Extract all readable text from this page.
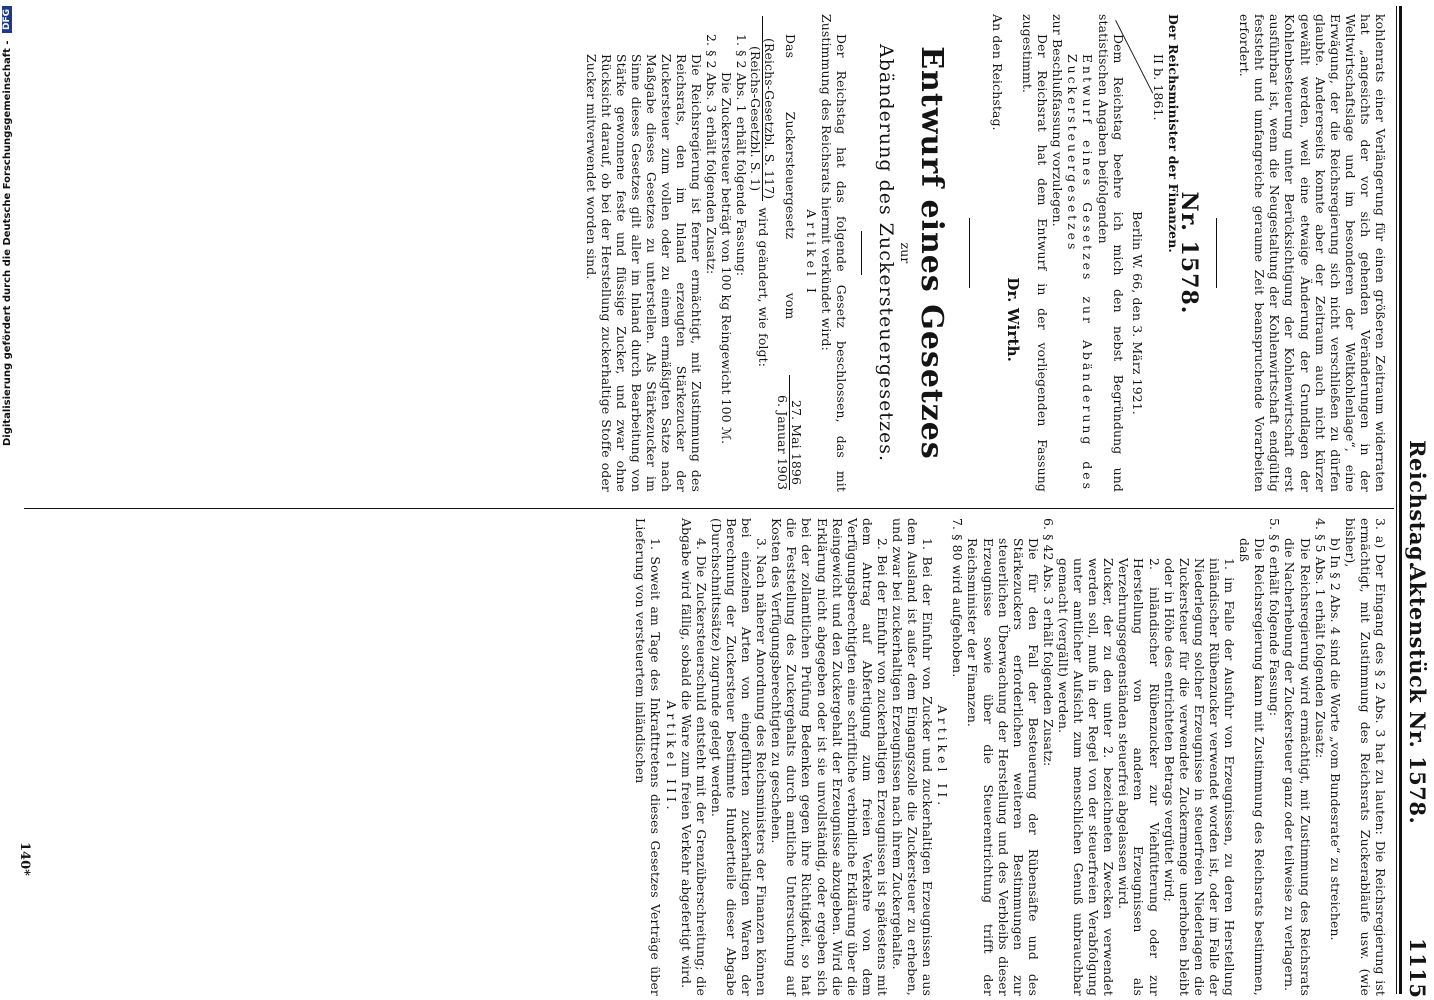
Reichstag.
Aktenstück Nr. 1578.
1115

kohlenrats einer Verlängerung für einen größeren Zeitraum widerraten hat „angesichts der vor sich gehenden Veränderungen in der Weltwirtschaftslage und im besonderen der Weltkohlenlage“, eine Erwägung, der die Reichsregierung sich nicht verschließen zu dürfen glaubte. Andererseits konnte aber der Zeitraum auch nicht kürzer gewählt werden, weil eine etwaige Änderung der Grundlagen der Kohlenbesteuerung unter Berücksichtigung der Kohlenwirtschaft erst ausführbar ist, wenn die Neugestaltung der Kohlenwirtschaft endgültig feststeht und umfangreiche geraume Zeit beanspruchende Vorarbeiten erfordert.

Nr. 1578.

Der Reichsminister der Finanzen.

II b. 1861.

Berlin W. 66, den 3. März 1921.

Dem Reichstag beehre ich mich den nebst Begründung und statistischen Angaben beifolgenden

Entwurf eines Gesetzes zur Abänderung des Zuckersteuergesetzes

zur Beschlußfassung vorzulegen.

Der Reichsrat hat dem Entwurf in der vorliegenden Fassung zugestimmt.

Dr. Wirth.

An den Reichstag.

Entwurf eines Gesetzes

zur

Abänderung des Zuckersteuergesetzes.

Der Reichstag hat das folgende Gesetz beschlossen, das mit Zustimmung des Reichsrats hiermit verkündet wird:

Artikel I

Das Zuckersteuergesetz vom
27. Mai 1896
6. Januar 1903

(Reichs-Gesetzbl. S. 117)
(Reichs-Gesetzbl. S. 1)
wird geändert, wie folgt:

1. § 2 Abs. 1 erhält folgende Fassung:

Die Zuckersteuer beträgt von 100 kg Reingewicht 100 ℳ.

2. § 2 Abs. 3 erhält folgenden Zusatz:

Die Reichsregierung ist ferner ermächtigt, mit Zustimmung des Reichsrats, den im Inland erzeugten Stärkezucker der Zuckersteuer zum vollen oder zu einem ermäßigten Satze nach Maßgabe dieses Gesetzes zu unterstellen. Als Stärkezucker im Sinne dieses Gesetzes gilt aller im Inland durch Bearbeitung von Stärke gewonnene feste und flüssige Zucker, und zwar ohne Rücksicht darauf, ob bei der Herstellung zuckerhaltige Stoffe oder Zucker mitverwendet worden sind.

3. a) Der Eingang des § 2 Abs. 3 hat zu lauten: Die Reichsregierung ist ermächtigt, mit Zustimmung des Reichsrats Zuckerabläufe usw. (wie bisher),

b) In § 2 Abs. 4 sind die Worte „vom Bundesrate“ zu streichen.

4. § 5 Abs. 1 erhält folgenden Zusatz:

Die Reichsregierung wird ermächtigt, mit Zustimmung des Reichsrats die Nacherhebung der Zuckersteuer ganz oder teilweise zu verlagern.

5. § 6 erhält folgende Fassung:

Die Reichsregierung kann mit Zustimmung des Reichsrats bestimmen, daß

1. im Falle der Ausfuhr von Erzeugnissen, zu deren Herstellung inländischer Rübenzucker verwendet worden ist, oder im Falle der Niederlegung solcher Erzeugnisse in steuerfreien Niederlagen die Zuckersteuer für die verwendete Zuckermenge unerhoben bleibt oder in Höhe des entrichteten Betrags vergütet wird;

2. inländischer Rübenzucker zur Viehfütterung oder zur Herstellung von anderen Erzeugnissen als Verzehrungsgegenständen steuerfrei abgelassen wird.

Zucker, der zu den unter 2. bezeichneten Zwecken verwendet werden soll, muß in der Regel von der steuerfreien Verabfolgung unter amtlicher Aufsicht zum menschlichen Genuß unbrauchbar gemacht (vergällt) werden.

6. § 42 Abs. 3 erhält folgenden Zusatz:

Die für den Fall der Besteuerung der Rübensäfte und des Stärkezuckers erforderlichen weiteren Bestimmungen zur steuerlichen Überwachung der Herstellung und des Verbleibs dieser Erzeugnisse sowie über die Steuerentrichtung trifft der Reichsminister der Finanzen.

7. § 80 wird aufgehoben.

Artikel II.

1. Bei der Einfuhr von Zucker und zuckerhaltigen Erzeugnissen aus dem Ausland ist außer dem Eingangszolle die Zuckersteuer zu erheben, und zwar bei zuckerhaltigen Erzeugnissen nach ihrem Zuckergehalte.

2. Bei der Einfuhr von zuckerhaltigen Erzeugnissen ist spätestens mit dem Antrag auf Abfertigung zum freien Verkehre von dem Verfügungsberechtigten eine schriftliche verbindliche Erklärung über die Reingewicht und den Zuckergehalt der Erzeugnisse abzugeben. Wird die Erklärung nicht abgegeben oder ist sie unvollständig, oder ergeben sich bei der zollamtlichen Prüfung Bedenken gegen ihre Richtigkeit, so hat die Feststellung des Zuckergehalts durch amtliche Untersuchung auf Kosten des Verfügungsberechtigten zu geschehen.

3. Nach näherer Anordnung des Reichsministers der Finanzen können bei einzelnen Arten von eingeführten zuckerhaltigen Waren der Berechnung der Zuckersteuer bestimmte Hundertteile dieser Abgabe (Durchschnittssätze) zugrunde gelegt werden.

4. Die Zuckersteuerschuld entsteht mit der Grenzüberschreitung; die Abgabe wird fällig, sobald die Ware zum freien Verkehr abgefertigt wird.

Artikel III.

1. Soweit am Tage des Inkrafttretens dieses Gesetzes Verträge über Lieferung von versteuertem inländischen

140*
Digitalisierung gefördert durch die Deutsche Forschungsgemeinschaft - DFG
